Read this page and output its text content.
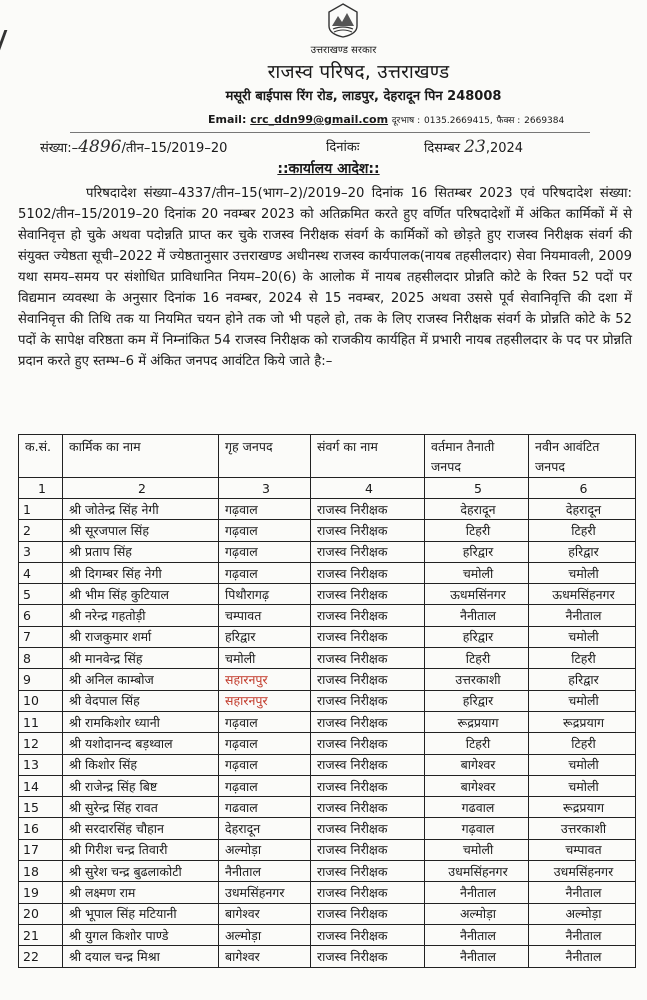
उत्तराखण्ड सरकार
राजस्व परिषद, उत्तराखण्ड
मसूरी बाईपास रिंग रोड, लाडपुर, देहरादून पिन 248008
Email: crc_ddn99@gmail.com दूरभाष : 0135.2669415, फैक्स : 2669384
संख्या:–4896/तीन–15/2019–20	दिनांकः	दिसम्बर 23,2024
::कार्यालय आदेश::

परिषदादेश संख्या–4337/तीन–15(भाग–2)/2019–20 दिनांक 16 सितम्बर 2023 एवं परिषदादेश संख्या: 5102/तीन–15/2019–20 दिनांक 20 नवम्बर 2023 को अतिक्रमित करते हुए वर्णित परिषदादेशों में अंकित कार्मिकों में से सेवानिवृत्त हो चुके अथवा पदोन्नति प्राप्त कर चुके राजस्व निरीक्षक संवर्ग के कार्मिकों को छोड़ते हुए राजस्व निरीक्षक संवर्ग की संयुक्त ज्येष्ठता सूची–2022 में ज्येष्ठतानुसार उत्तराखण्ड अधीनस्थ राजस्व कार्यपालक(नायब तहसीलदार) सेवा नियमावली, 2009 यथा समय–समय पर संशोधित प्राविधानित नियम–20(6) के आलोक में नायब तहसीलदार प्रोन्नति कोटे के रिक्त 52 पदों पर विद्यमान व्यवस्था के अनुसार दिनांक 16 नवम्बर, 2024 से 15 नवम्बर, 2025 अथवा उससे पूर्व सेवानिवृत्ति की दशा में सेवानिवृत्त की तिथि तक या नियमित चयन होने तक जो भी पहले हो, तक के लिए राजस्व निरीक्षक संवर्ग के प्रोन्नति कोटे के 52 पदों के सापेक्ष वरिष्ठता कम में निम्नांकित 54 राजस्व निरीक्षक को राजकीय कार्यहित में प्रभारी नायब तहसीलदार के पद पर प्रोन्नति प्रदान करते हुए स्तम्भ–6 में अंकित जनपद आवंटित किये जाते है:–

क.सं.	कार्मिक का नाम	गृह जनपद	संवर्ग का नाम	वर्तमान तैनाती जनपद	नवीन आवंटित जनपद
1	2	3	4	5	6
1	श्री जोतेन्द्र सिंह नेगी	गढ़वाल	राजस्व निरीक्षक	देहरादून	देहरादून
2	श्री सूरजपाल सिंह	गढ़वाल	राजस्व निरीक्षक	टिहरी	टिहरी
3	श्री प्रताप सिंह	गढ़वाल	राजस्व निरीक्षक	हरिद्वार	हरिद्वार
4	श्री दिगम्बर सिंह नेगी	गढ़वाल	राजस्व निरीक्षक	चमोली	चमोली
5	श्री भीम सिंह कुटियाल	पिथौरागढ़	राजस्व निरीक्षक	ऊधमसिंनगर	ऊधमसिंहनगर
6	श्री नरेन्द्र गहतोड़ी	चम्पावत	राजस्व निरीक्षक	नैनीताल	नैनीताल
7	श्री राजकुमार शर्मा	हरिद्वार	राजस्व निरीक्षक	हरिद्वार	चमोली
8	श्री मानवेन्द्र सिंह	चमोली	राजस्व निरीक्षक	टिहरी	टिहरी
9	श्री अनिल काम्बोज	सहारनपुर	राजस्व निरीक्षक	उत्तरकाशी	हरिद्वार
10	श्री वेदपाल सिंह	सहारनपुर	राजस्व निरीक्षक	हरिद्वार	चमोली
11	श्री रामकिशोर ध्यानी	गढ़वाल	राजस्व निरीक्षक	रूद्रप्रयाग	रूद्रप्रयाग
12	श्री यशोदानन्द बड़थ्वाल	गढ़वाल	राजस्व निरीक्षक	टिहरी	टिहरी
13	श्री किशोर सिंह	गढ़वाल	राजस्व निरीक्षक	बागेश्वर	चमोली
14	श्री राजेन्द्र सिंह बिष्ट	गढ़वाल	राजस्व निरीक्षक	बागेश्वर	चमोली
15	श्री सुरेन्द्र सिंह रावत	गढवाल	राजस्व निरीक्षक	गढवाल	रूद्रप्रयाग
16	श्री सरदारसिंह चौहान	देहरादून	राजस्व निरीक्षक	गढ़वाल	उत्तरकाशी
17	श्री गिरीश चन्द्र तिवारी	अल्मोड़ा	राजस्व निरीक्षक	चमोली	चम्पावत
18	श्री सुरेश चन्द्र बुढलाकोटी	नैनीताल	राजस्व निरीक्षक	उधमसिंहनगर	उधमसिंहनगर
19	श्री लक्ष्मण राम	उधमसिंहनगर	राजस्व निरीक्षक	नैनीताल	नैनीताल
20	श्री भूपाल सिंह मटियानी	बागेश्वर	राजस्व निरीक्षक	अल्मोड़ा	अल्मोड़ा
21	श्री युगल किशोर पाण्डे	अल्मोड़ा	राजस्व निरीक्षक	नैनीताल	नैनीताल
22	श्री दयाल चन्द्र मिश्रा	बागेश्वर	राजस्व निरीक्षक	नैनीताल	नैनीताल
